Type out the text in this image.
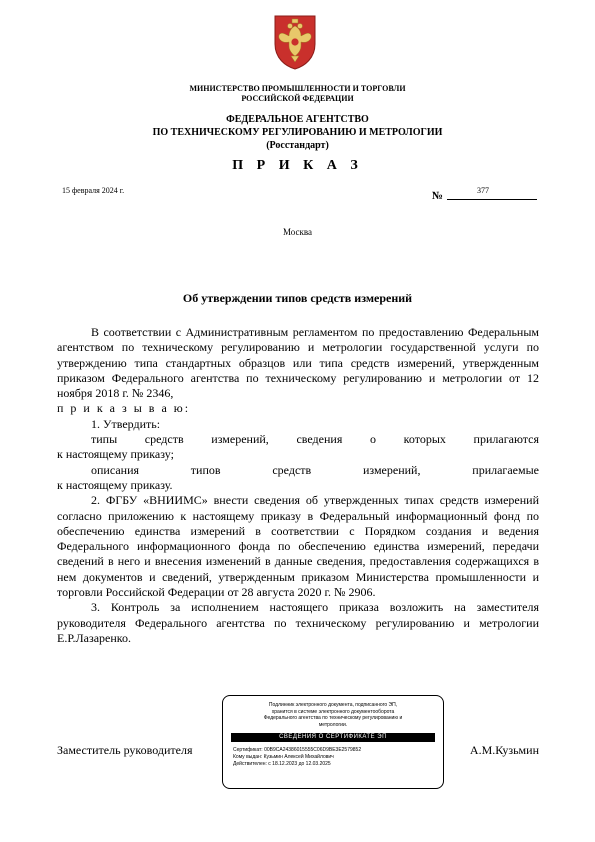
МИНИСТЕРСТВО ПРОМЫШЛЕННОСТИ И ТОРГОВЛИ
РОССИЙСКОЙ ФЕДЕРАЦИИ
ФЕДЕРАЛЬНОЕ АГЕНТСТВО
ПО ТЕХНИЧЕСКОМУ РЕГУЛИРОВАНИЮ И МЕТРОЛОГИИ
(Росстандарт)
П Р И К А З
15 февраля 2024 г.	№	377
Москва
Об утверждении типов средств измерений

В соответствии с Административным регламентом по предоставлению Федеральным агентством по техническому регулированию и метрологии государственной услуги по утверждению типа стандартных образцов или типа средств измерений, утвержденным приказом Федерального агентства по техническому регулированию и метрологии от 12 ноября 2018 г. № 2346,

п р и к а з ы в а ю:

1. Утвердить:

типы средств измерений, сведения о которых прилагаются

к настоящему приказу;

описания типов средств измерений, прилагаемые

к настоящему приказу.

2. ФГБУ «ВНИИМС» внести сведения об утвержденных типах средств измерений согласно приложению к настоящему приказу в Федеральный информационный фонд по обеспечению единства измерений в соответствии с Порядком создания и ведения Федерального информационного фонда по обеспечению единства измерений, передачи сведений в него и внесения изменений в данные сведения, предоставления содержащихся в нем документов и сведений, утвержденным приказом Министерства промышленности и торговли Российской Федерации от 28 августа 2020 г. № 2906.

3. Контроль за исполнением настоящего приказа возложить на заместителя руководителя Федерального агентства по техническому регулированию и метрологии Е.Р.Лазаренко.

Заместитель руководителя	А.М.Кузьмин
Подлинник электронного документа, подписанного ЭП,
хранится в системе электронного документооборота
Федерального агентства по техническому регулированию и
метрологии.
СВЕДЕНИЯ О СЕРТИФИКАТЕ ЭП
Сертификат: 00B9CA24386015555C06D9BE3E2579852
Кому выдан: Кузьмин Алексей Михайлович
Действителен: с 18.12.2023 до 12.03.2025
